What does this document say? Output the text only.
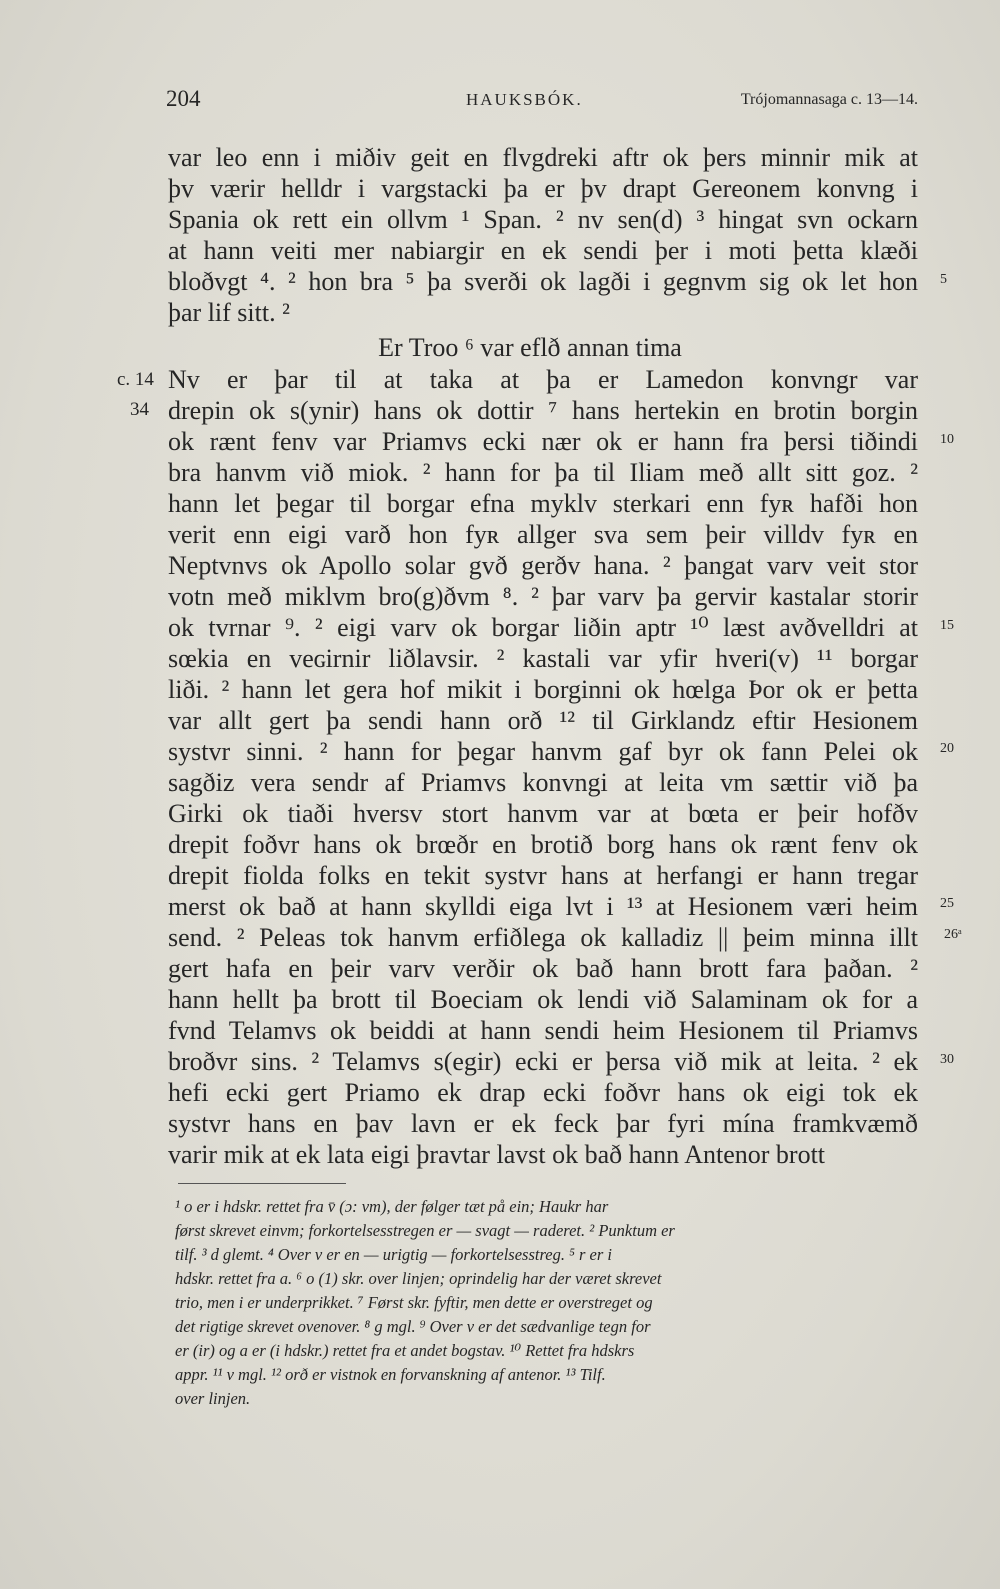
204	HAUKSBÓK.	Trójomannasaga c. 13—14.
var leo enn i miðiv geit en flvgdreki aftr ok þers minnir mik at
þv værir helldr i vargstacki þa er þv drapt Gereonem konvng i
Spania ok rett ein ollvm ¹ Span. ² nv sen(d) ³ hingat svn ockarn
at hann veiti mer nabiargir en ek sendi þer i moti þetta klæði
bloðvgt ⁴. ² hon bra ⁵ þa sverði ok lagði i gegnvm sig ok let hon
þar lif sitt. ²
Er Troo ⁶ var eflð annan tima
Nv er þar til at taka at þa er Lamedon konvngr var
drepin ok s(ynir) hans ok dottir ⁷ hans hertekin en brotin borgin
ok rænt fenv var Priamvs ecki nær ok er hann fra þersi tiðindi
bra hanvm við miok. ² hann for þa til Iliam með allt sitt goz. ²
hann let þegar til borgar efna myklv sterkari enn fyʀ hafði hon
verit enn eigi varð hon fyʀ allger sva sem þeir villdv fyʀ en
Neptvnvs ok Apollo solar gvð gerðv hana. ² þangat varv veit stor
votn með miklvm bro(g)ðvm ⁸. ² þar varv þa gervir kastalar storir
ok tvrnar ⁹. ² eigi varv ok borgar liðin aptr ¹⁰ læst avðvelldri at
sœkia en veɢirnir liðlavsir. ² kastali var yfir hveri(v) ¹¹ borgar
liði. ² hann let gera hof mikit i borginni ok hœlga Þor ok er þetta
var allt gert þa sendi hann orð ¹² til Girklandz eftir Hesionem
systvr sinni. ² hann for þegar hanvm gaf byr ok fann Pelei ok
sagðiz vera sendr af Priamvs konvngi at leita vm sættir við þa
Girki ok tiaði hversv stort hanvm var at bœta er þeir hofðv
drepit foðvr hans ok brœðr en brotið borg hans ok rænt fenv ok
drepit fiolda folks en tekit systvr hans at herfangi er hann tregar
merst ok bað at hann skylldi eiga lvt i ¹³ at Hesionem væri heim
send. ² Peleas tok hanvm erfiðlega ok kalladiz || þeim minna illt
gert hafa en þeir varv verðir ok bað hann brott fara þaðan. ²
hann hellt þa brott til Boeciam ok lendi við Salaminam ok for a
fvnd Telamvs ok beiddi at hann sendi heim Hesionem til Priamvs
broðvr sins. ² Telamvs s(egir) ecki er þersa við mik at leita. ² ek
hefi ecki gert Priamo ek drap ecki foðvr hans ok eigi tok ek
systvr hans en þav lavn er ek feck þar fyri mína framkvæmð
varir mik at ek lata eigi þravtar lavst ok bað hann Antenor brott
c. 14
34
5
10
15
20
25
26ᵃ
30
¹ o er i hdskr. rettet fra v̄ (ɔ: vm), der følger tæt på ein; Haukr har
først skrevet einvm; forkortelsesstregen er — svagt — raderet. ² Punktum er
tilf. ³ d glemt. ⁴ Over v er en — urigtig — forkortelsesstreg. ⁵ r er i
hdskr. rettet fra a. ⁶ o (1) skr. over linjen; oprindelig har der været skrevet
trio, men i er underprikket. ⁷ Først skr. fyftir, men dette er overstreget og
det rigtige skrevet ovenover. ⁸ g mgl. ⁹ Over v er det sædvanlige tegn for
er (ir) og a er (i hdskr.) rettet fra et andet bogstav. ¹⁰ Rettet fra hdskrs
appr. ¹¹ v mgl. ¹² orð er vistnok en forvanskning af antenor. ¹³ Tilf.
over linjen.
